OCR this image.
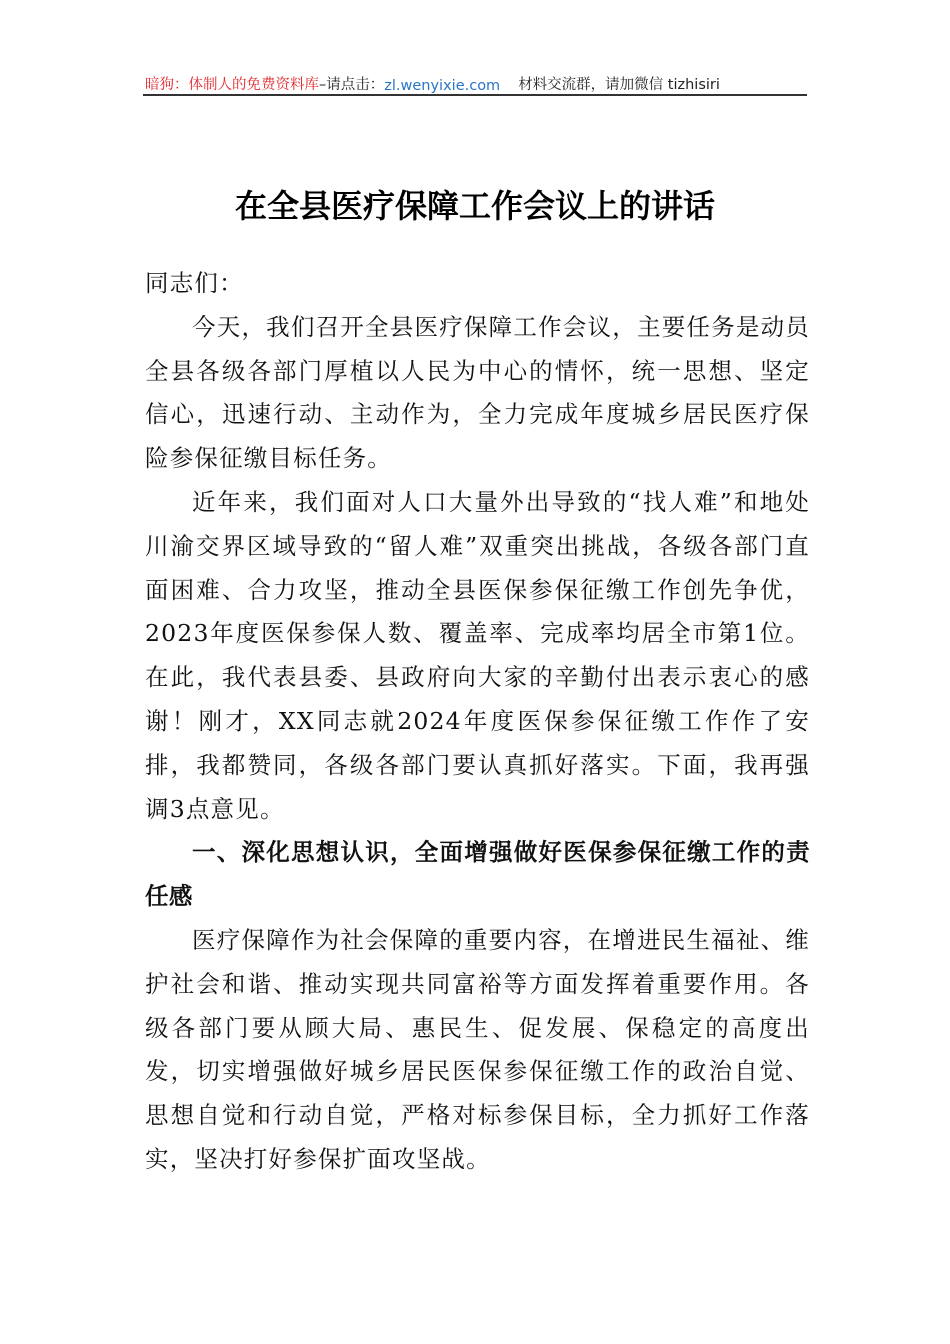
暗狗：体制人的免费资料库 –请点击： zl.wenyixie.com 材料交流群，请加微信 tizhisiri
在全县医疗保障工作会议上的讲话

同志们：

今天，我们召开全县医疗保障工作会议，主要任务是动员全县各级各部门厚植以人民为中心的情怀，统一思想、坚定信心，迅速行动、主动作为，全力完成年度城乡居民医疗保险参保征缴目标任务。

近年来，我们面对人口大量外出导致的“找人难”和地处川渝交界区域导致的“留人难”双重突出挑战，各级各部门直面困难、合力攻坚，推动全县医保参保征缴工作创先争优，2023年度医保参保人数、覆盖率、完成率均居全市第1位。在此，我代表县委、县政府向大家的辛勤付出表示衷心的感谢！刚才，XX同志就2024年度医保参保征缴工作作了安排，我都赞同，各级各部门要认真抓好落实。下面，我再强调3点意见。

一、深化思想认识，全面增强做好医保参保征缴工作的责任感

医疗保障作为社会保障的重要内容，在增进民生福祉、维护社会和谐、推动实现共同富裕等方面发挥着重要作用。各级各部门要从顾大局、惠民生、促发展、保稳定的高度出发，切实增强做好城乡居民医保参保征缴工作的政治自觉、思想自觉和行动自觉，严格对标参保目标，全力抓好工作落实，坚决打好参保扩面攻坚战。
